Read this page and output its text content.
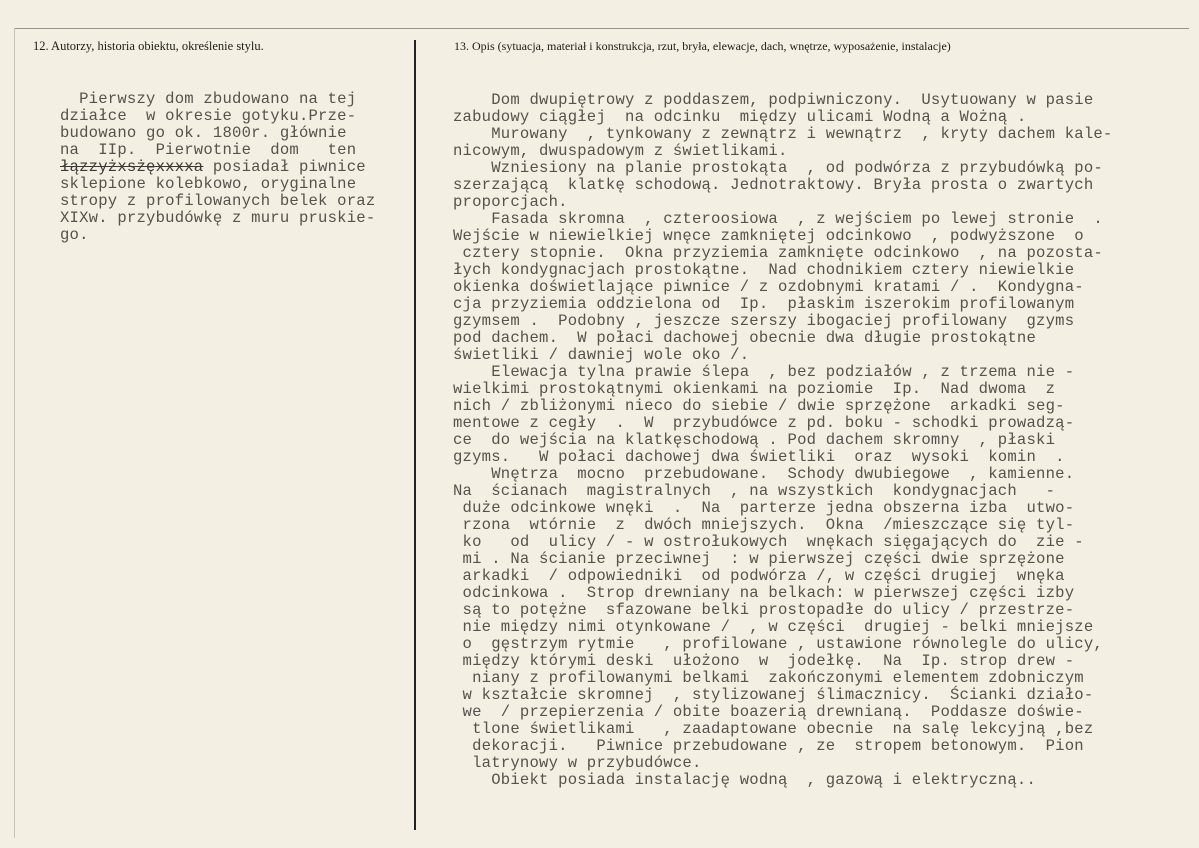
12. Autorzy, historia obiektu, określenie stylu.	13. Opis (sytuacja, materiał i konstrukcja, rzut, bryła, elewacje, dach, wnętrze, wyposażenie, instalacje)
Pierwszy dom zbudowano na tej
działce  w okresie gotyku.Prze-
budowano go ok. 1800r. głównie
na  IIp.  Pierwotnie  dom   ten
łązzyżxsżęxxxxa posiadał piwnice
sklepione kolebkowo, oryginalne
stropy z profilowanych belek oraz
XIXw. przybudówkę z muru pruskie-
go.
Dom dwupiętrowy z poddaszem, podpiwniczony.  Usytuowany w pasie
zabudowy ciągłej  na odcinku  między ulicami Wodną a Wożną .
Murowany  , tynkowany z zewnątrz i wewnątrz  , kryty dachem kale-
nicowym, dwuspadowym z świetlikami.
Wzniesiony na planie prostokąta  , od podwórza z przybudówką po-
szerzającą  klatkę schodową. Jednotraktowy. Bryła prosta o zwartych
proporcjach.
Fasada skromna  , czteroosiowa  , z wejściem po lewej stronie  .
Wejście w niewielkiej wnęce zamkniętej odcinkowo  , podwyższone  o
cztery stopnie.  Okna przyziemia zamknięte odcinkowo  , na pozosta-
łych kondygnacjach prostokątne.  Nad chodnikiem cztery niewielkie
okienka doświetlające piwnice / z ozdobnymi kratami / .  Kondygna-
cja przyziemia oddzielona od  Ip.  płaskim iszerokim profilowanym
gzymsem .  Podobny , jeszcze szerszy ibogaciej profilowany  gzyms
pod dachem.  W połaci dachowej obecnie dwa długie prostokątne
świetliki / dawniej wole oko /.
Elewacja tylna prawie ślepa  , bez podziałów , z trzema nie -
wielkimi prostokątnymi okienkami na poziomie  Ip.  Nad dwoma  z
nich / zbliżonymi nieco do siebie / dwie sprzężone  arkadki seg-
mentowe z cegły  .  W  przybudówce z pd. boku - schodki prowadzą-
ce  do wejścia na klatkęschodową . Pod dachem skromny  , płaski
gzyms.   W połaci dachowej dwa świetliki  oraz  wysoki  komin  .
Wnętrza  mocno  przebudowane.  Schody dwubiegowe  , kamienne.
Na  ścianach  magistralnych  , na wszystkich  kondygnacjach   -
duże odcinkowe wnęki  .  Na  parterze jedna obszerna izba  utwo-
rzona  wtórnie  z  dwóch mniejszych.  Okna  /mieszczące się tyl-
ko   od  ulicy / - w ostrołukowych  wnękach sięgających do  zie -
mi . Na ścianie przeciwnej  : w pierwszej części dwie sprzężone
arkadki  / odpowiedniki  od podwórza /, w części drugiej  wnęka
odcinkowa .  Strop drewniany na belkach: w pierwszej części izby
są to potężne  sfazowane belki prostopadłe do ulicy / przestrze-
nie między nimi otynkowane /  , w części  drugiej - belki mniejsze
o  gęstrzym rytmie   , profilowane , ustawione równolegle do ulicy,
między którymi deski  ułożono  w  jodełkę.  Na  Ip. strop drew -
niany z profilowanymi belkami  zakończonymi elementem zdobniczym
w kształcie skromnej  , stylizowanej ślimacznicy.  Ścianki działo-
we  / przepierzenia / obite boazerią drewnianą.  Poddasze doświe-
tlone świetlikami   , zaadaptowane obecnie  na salę lekcyjną ,bez
dekoracji.   Piwnice przebudowane , ze  stropem betonowym.  Pion
latrynowy w przybudówce.
Obiekt posiada instalację wodną  , gazową i elektryczną..
